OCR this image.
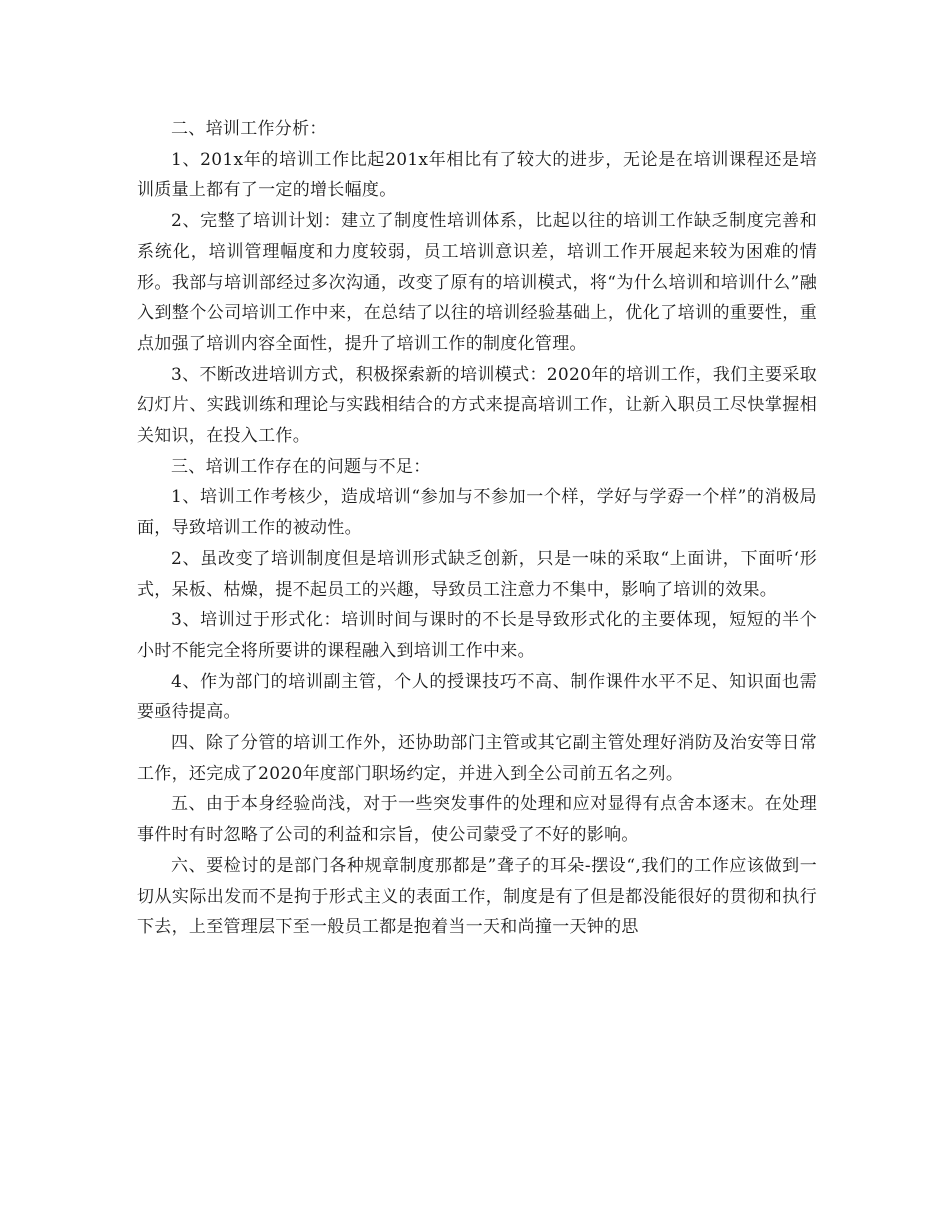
二、培训工作分析：

1、201x年的培训工作比起201x年相比有了较大的进步，无论是在培训课程还是培训质量上都有了一定的增长幅度。

2、完整了培训计划：建立了制度性培训体系，比起以往的培训工作缺乏制度完善和系统化，培训管理幅度和力度较弱，员工培训意识差，培训工作开展起来较为困难的情形。我部与培训部经过多次沟通，改变了原有的培训模式，将“为什么培训和培训什么”融入到整个公司培训工作中来，在总结了以往的培训经验基础上，优化了培训的重要性，重点加强了培训内容全面性，提升了培训工作的制度化管理。

3、不断改进培训方式，积极探索新的培训模式：2020年的培训工作，我们主要采取幻灯片、实践训练和理论与实践相结合的方式来提高培训工作，让新入职员工尽快掌握相关知识，在投入工作。

三、培训工作存在的问题与不足：

1、培训工作考核少，造成培训“参加与不参加一个样，学好与学孬一个样”的消极局面，导致培训工作的被动性。

2、虽改变了培训制度但是培训形式缺乏创新，只是一味的采取“上面讲，下面听‘形式，呆板、枯燥，提不起员工的兴趣，导致员工注意力不集中，影响了培训的效果。

3、培训过于形式化：培训时间与课时的不长是导致形式化的主要体现，短短的半个小时不能完全将所要讲的课程融入到培训工作中来。

4、作为部门的培训副主管，个人的授课技巧不高、制作课件水平不足、知识面也需要亟待提高。

四、除了分管的培训工作外，还协助部门主管或其它副主管处理好消防及治安等日常工作，还完成了2020年度部门职场约定，并进入到全公司前五名之列。

五、由于本身经验尚浅，对于一些突发事件的处理和应对显得有点舍本逐末。在处理事件时有时忽略了公司的利益和宗旨，使公司蒙受了不好的影响。

六、要检讨的是部门各种规章制度那都是”聋子的耳朵-摆设“,我们的工作应该做到一切从实际出发而不是拘于形式主义的表面工作，制度是有了但是都没能很好的贯彻和执行下去，上至管理层下至一般员工都是抱着当一天和尚撞一天钟的思
